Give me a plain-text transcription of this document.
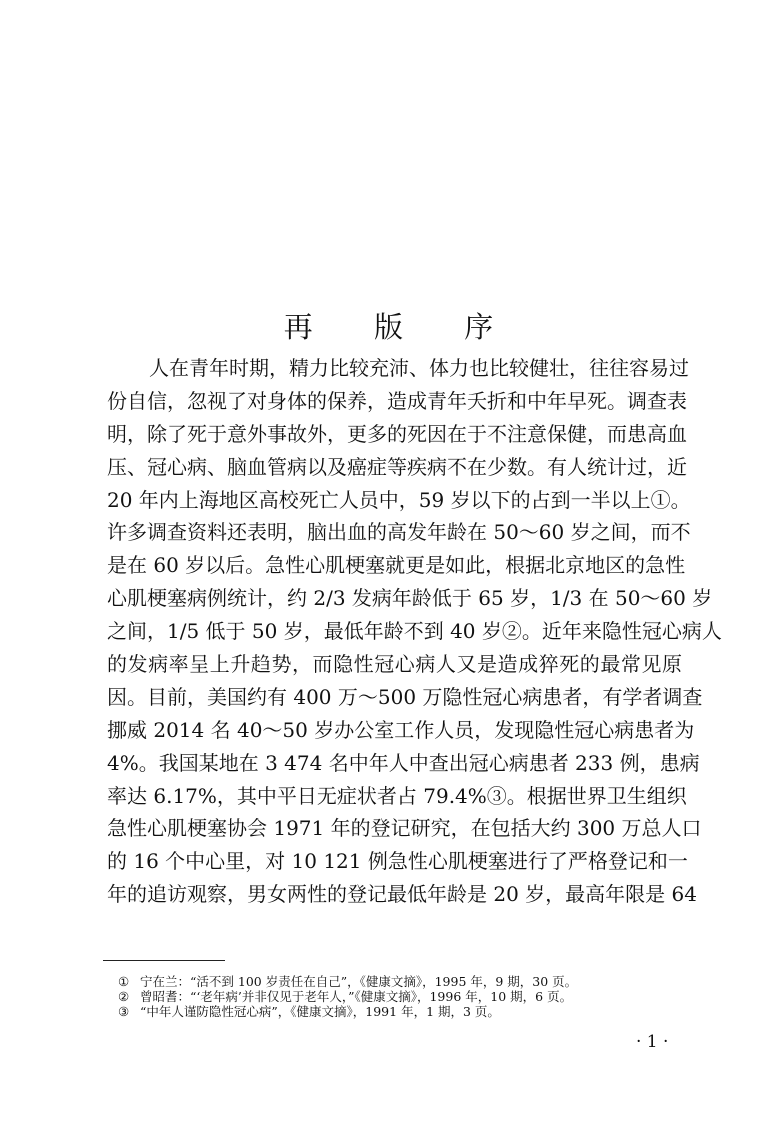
再 版 序
人在青年时期，精力比较充沛、体力也比较健壮，往往容易过
份自信，忽视了对身体的保养，造成青年夭折和中年早死。调查表
明，除了死于意外事故外，更多的死因在于不注意保健，而患高血
压、冠心病、脑血管病以及癌症等疾病不在少数。有人统计过，近
20 年内上海地区高校死亡人员中，59 岁以下的占到一半以上①。
许多调查资料还表明，脑出血的高发年龄在 50～60 岁之间，而不
是在 60 岁以后。急性心肌梗塞就更是如此，根据北京地区的急性
心肌梗塞病例统计，约 2/3 发病年龄低于 65 岁，1/3 在 50～60 岁
之间，1/5 低于 50 岁，最低年龄不到 40 岁②。近年来隐性冠心病人
的发病率呈上升趋势，而隐性冠心病人又是造成猝死的最常见原
因。目前，美国约有 400 万～500 万隐性冠心病患者，有学者调查
挪威 2014 名 40～50 岁办公室工作人员，发现隐性冠心病患者为
4%。我国某地在 3 474 名中年人中查出冠心病患者 233 例，患病
率达 6.17%，其中平日无症状者占 79.4%③。根据世界卫生组织
急性心肌梗塞协会 1971 年的登记研究，在包括大约 300 万总人口
的 16 个中心里，对 10 121 例急性心肌梗塞进行了严格登记和一
年的追访观察，男女两性的登记最低年龄是 20 岁，最高年限是 64
① 宁在兰：“活不到 100 岁责任在自己”，《健康文摘》，1995 年，9 期，30 页。
② 曾昭耆：“‘老年病’并非仅见于老年人，”《健康文摘》，1996 年，10 期，6 页。
③ “中年人谨防隐性冠心病”，《健康文摘》，1991 年，1 期，3 页。
· 1 ·
